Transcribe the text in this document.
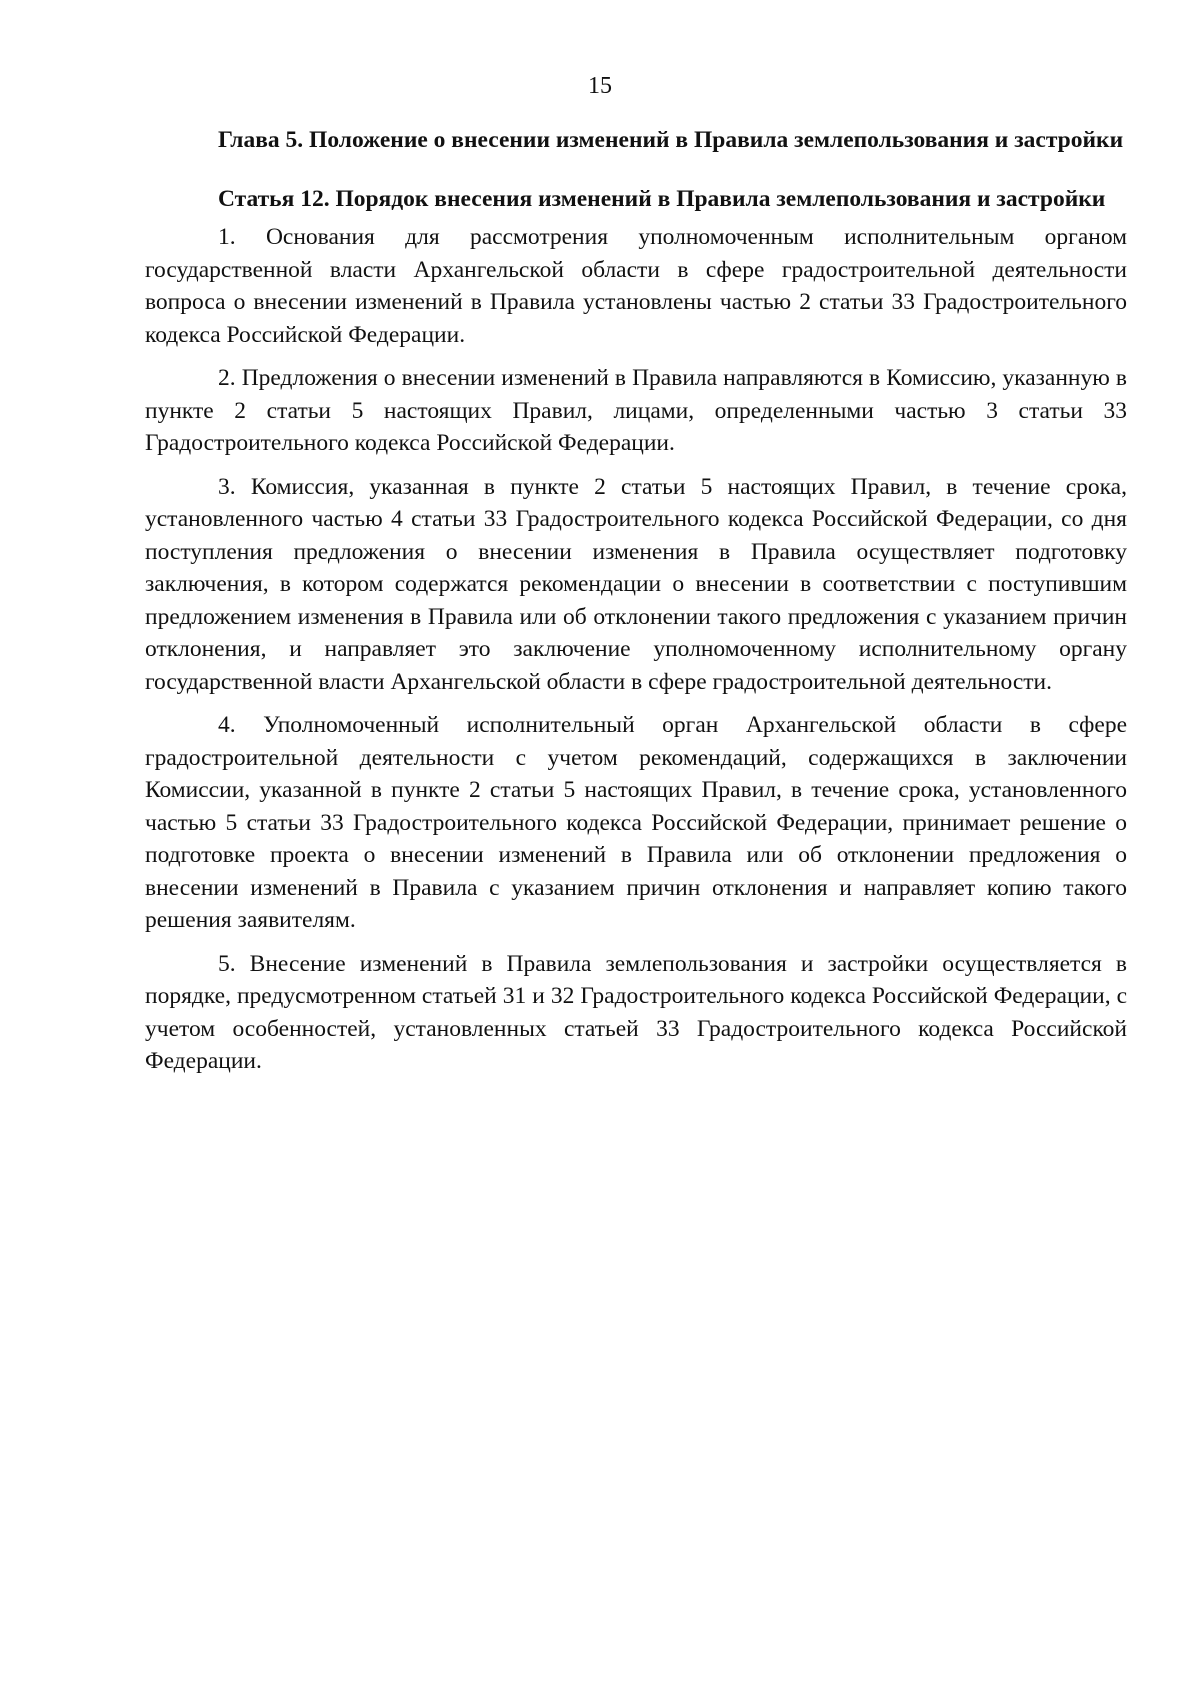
15

Глава 5. Положение о внесении изменений в Правила землепользования и застройки

Статья 12. Порядок внесения изменений в Правила землепользования и застройки

1. Основания для рассмотрения уполномоченным исполнительным органом государственной власти Архангельской области в сфере градостроительной деятельности вопроса о внесении изменений в Правила установлены частью 2 статьи 33 Градостроительного кодекса Российской Федерации.

2. Предложения о внесении изменений в Правила направляются в Комиссию, указанную в пункте 2 статьи 5 настоящих Правил, лицами, определенными частью 3 статьи 33 Градостроительного кодекса Российской Федерации.

3. Комиссия, указанная в пункте 2 статьи 5 настоящих Правил, в течение срока, установленного частью 4 статьи 33 Градостроительного кодекса Российской Федерации, со дня поступления предложения о внесении изменения в Правила осуществляет подготовку заключения, в котором содержатся рекомендации о внесении в соответствии с поступившим предложением изменения в Правила или об отклонении такого предложения с указанием причин отклонения, и направляет это заключение уполномоченному исполнительному органу государственной власти Архангельской области в сфере градостроительной деятельности.

4. Уполномоченный исполнительный орган Архангельской области в сфере градостроительной деятельности с учетом рекомендаций, содержащихся в заключении Комиссии, указанной в пункте 2 статьи 5 настоящих Правил, в течение срока, установленного частью 5 статьи 33 Градостроительного кодекса Российской Федерации, принимает решение о подготовке проекта о внесении изменений в Правила или об отклонении предложения о внесении изменений в Правила с указанием причин отклонения и направляет копию такого решения заявителям.

5. Внесение изменений в Правила землепользования и застройки осуществляется в порядке, предусмотренном статьей 31 и 32 Градостроительного кодекса Российской Федерации, с учетом особенностей, установленных статьей 33 Градостроительного кодекса Российской Федерации.
